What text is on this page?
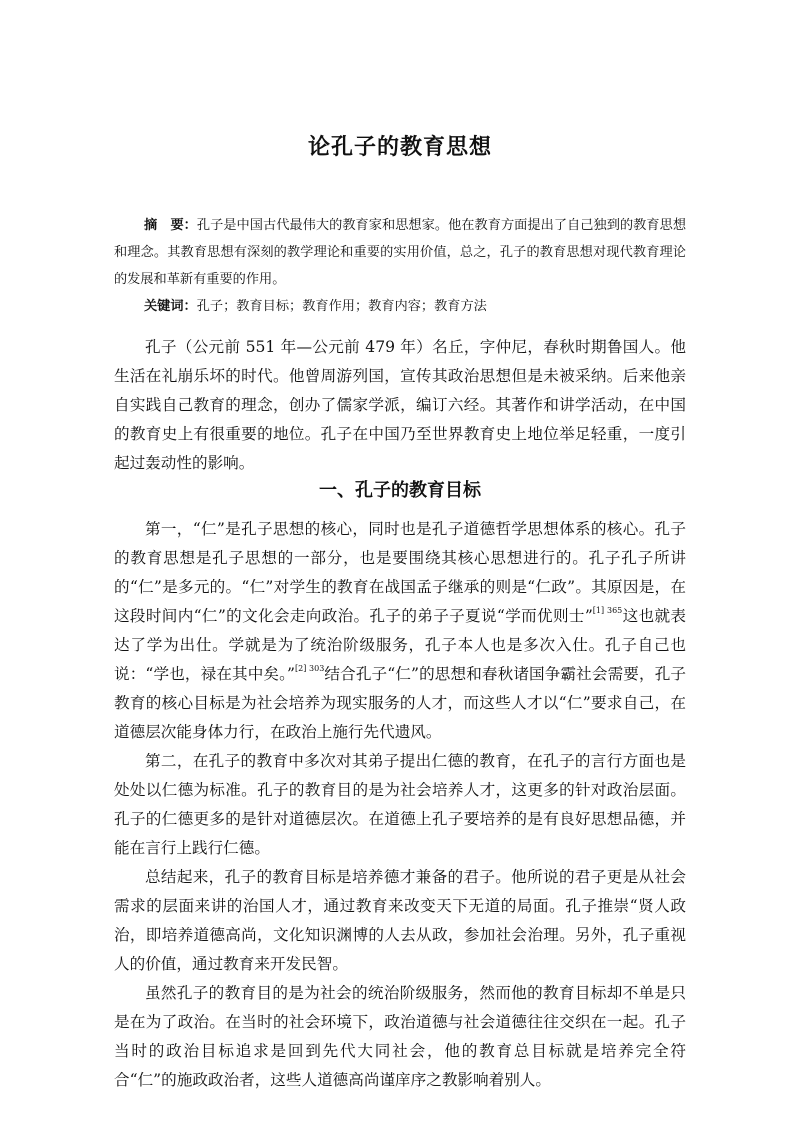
论孔子的教育思想

摘　要：孔子是中国古代最伟大的教育家和思想家。他在教育方面提出了自己独到的教育思想和理念。其教育思想有深刻的教学理论和重要的实用价值，总之，孔子的教育思想对现代教育理论的发展和革新有重要的作用。

关键词：孔子；教育目标；教育作用；教育内容；教育方法

孔子（公元前 551 年—公元前 479 年）名丘，字仲尼，春秋时期鲁国人。他生活在礼崩乐坏的时代。他曾周游列国，宣传其政治思想但是未被采纳。后来他亲自实践自己教育的理念，创办了儒家学派，编订六经。其著作和讲学活动，在中国的教育史上有很重要的地位。孔子在中国乃至世界教育史上地位举足轻重，一度引起过轰动性的影响。

一、孔子的教育目标

第一，“仁”是孔子思想的核心，同时也是孔子道德哲学思想体系的核心。孔子的教育思想是孔子思想的一部分，也是要围绕其核心思想进行的。孔子孔子所讲的“仁”是多元的。“仁”对学生的教育在战国孟子继承的则是“仁政”。其原因是，在这段时间内“仁”的文化会走向政治。孔子的弟子子夏说“学而优则士”$^{[1] 365}$这也就表达了学为出仕。学就是为了统治阶级服务，孔子本人也是多次入仕。孔子自己也说：“学也，禄在其中矣。”$^{[2] 303}$结合孔子“仁”的思想和春秋诸国争霸社会需要，孔子教育的核心目标是为社会培养为现实服务的人才，而这些人才以“仁”要求自己，在道德层次能身体力行，在政治上施行先代遗风。

第二，在孔子的教育中多次对其弟子提出仁德的教育，在孔子的言行方面也是处处以仁德为标准。孔子的教育目的是为社会培养人才，这更多的针对政治层面。孔子的仁德更多的是针对道德层次。在道德上孔子要培养的是有良好思想品德，并能在言行上践行仁德。

总结起来，孔子的教育目标是培养德才兼备的君子。他所说的君子更是从社会需求的层面来讲的治国人才，通过教育来改变天下无道的局面。孔子推崇“贤人政治，即培养道德高尚，文化知识渊博的人去从政，参加社会治理。另外，孔子重视人的价值，通过教育来开发民智。

虽然孔子的教育目的是为社会的统治阶级服务，然而他的教育目标却不单是只是在为了政治。在当时的社会环境下，政治道德与社会道德往往交织在一起。孔子当时的政治目标追求是回到先代大同社会，他的教育总目标就是培养完全符合“仁”的施政政治者，这些人道德高尚谨庠序之教影响着别人。
